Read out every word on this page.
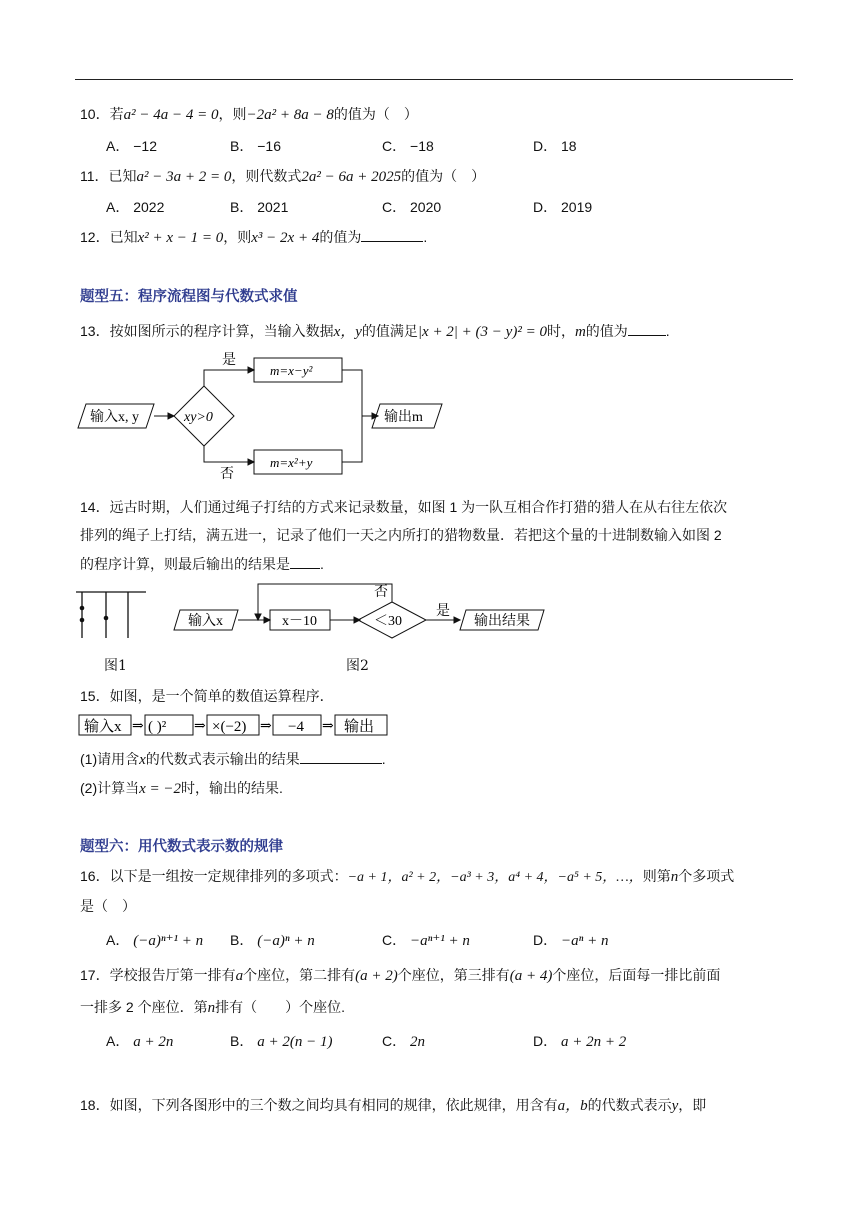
10．若a² − 4a − 4 = 0，则−2a² + 8a − 8的值为（　）
A． −12	B． −16	C． −18	D． 18
11．已知a² − 3a + 2 = 0，则代数式2a² − 6a + 2025的值为（　）
A． 2022	B． 2021	C． 2020	D． 2019
12．已知x² + x − 1 = 0，则x³ − 2x + 4的值为	.
题型五：程序流程图与代数式求值
13．按如图所示的程序计算，当输入数据x，y的值满足|x + 2| + (3 − y)² = 0时，m的值为	.
输入x, y	xy>0
是
否
m=x−y²
m=x²+y
输出m
14．远古时期，人们通过绳子打结的方式来记录数量，如图 1 为一队互相合作打猎的猎人在从右往左依次
排列的绳子上打结，满五进一，记录了他们一天之内所打的猎物数量．若把这个量的十进制数输入如图 2
的程序计算，则最后输出的结果是 .
图1
输入x	x－10	＜30
否
是
输出结果
图2
15．如图，是一个简单的数值运算程序．
⇒	⇒	⇒	⇒
输入x ( )²	×(−2)	−4	输出
(1)请用含x的代数式表示输出的结果	.
(2)计算当x = −2时，输出的结果.
题型六：用代数式表示数的规律
16．以下是一组按一定规律排列的多项式：−a + 1，a² + 2，−a³ + 3，a⁴ + 4，−a⁵ + 5，…，则第n个多项式
是（　）
A． (−a)ⁿ⁺¹ + n B． (−a)ⁿ + n	C． −aⁿ⁺¹ + n	D． −aⁿ + n
17．学校报告厅第一排有a个座位，第二排有(a + 2)个座位，第三排有(a + 4)个座位，后面每一排比前面
一排多 2 个座位．第n排有（　　）个座位.
A． a + 2n	B． a + 2(n − 1)	C． 2n	D． a + 2n + 2
18．如图，下列各图形中的三个数之间均具有相同的规律，依此规律，用含有a，b的代数式表示y，即
